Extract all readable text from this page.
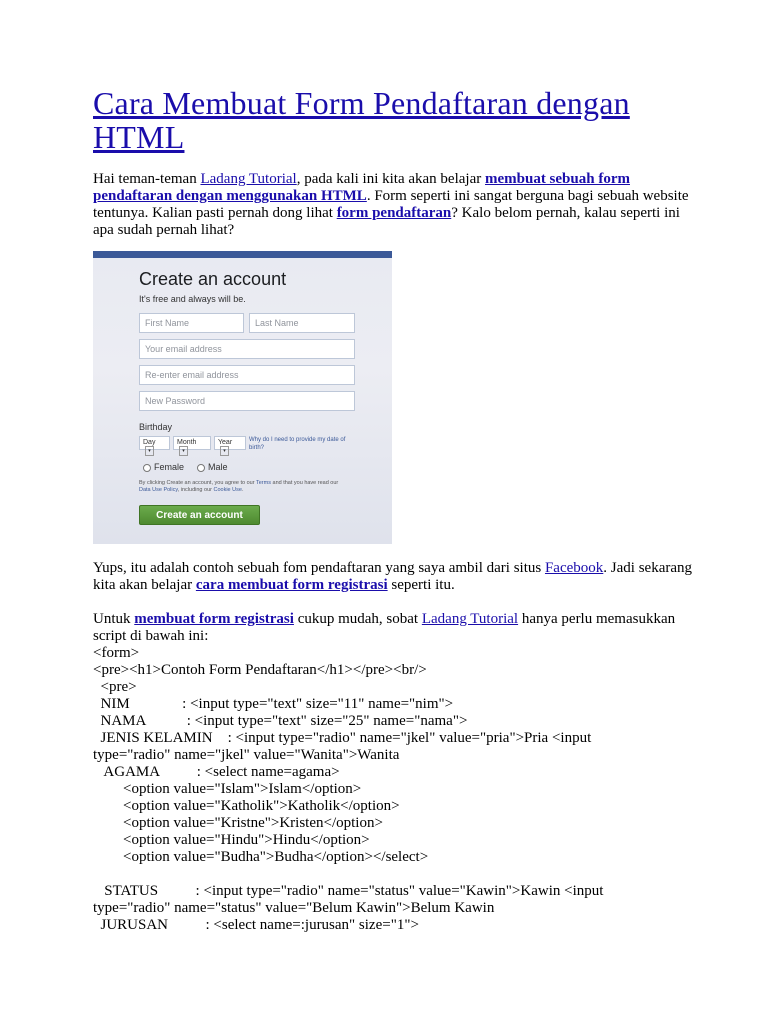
Cara Membuat Form Pendaftaran dengan HTML

Hai teman-teman Ladang Tutorial, pada kali ini kita akan belajar membuat sebuah form pendaftaran dengan menggunakan HTML. Form seperti ini sangat berguna bagi sebuah website tentunya. Kalian pasti pernah dong lihat form pendaftaran? Kalo belom pernah, kalau seperti ini apa sudah pernah lihat?

Create an account
It's free and always will be.
First Name	Last Name
Your email address
Re-enter email address
New Password
Birthday
Day▾
Month▾
Year▾
Why do I need to provide my date of birth?
Female	Male
By clicking Create an account, you agree to our Terms and that you have read our Data Use Policy, including our Cookie Use.
Create an account

Yups, itu adalah contoh sebuah fom pendaftaran yang saya ambil dari situs Facebook. Jadi sekarang kita akan belajar cara membuat form registrasi seperti itu.

Untuk membuat form registrasi cukup mudah, sobat Ladang Tutorial hanya perlu memasukkan script di bawah ini:

<form>
<pre><h1>Contoh Form Pendaftaran</h1></pre><br/>
<pre>
NIM              : <input type="text" size="11" name="nim">
NAMA           : <input type="text" size="25" name="nama">
JENIS KELAMIN    : <input type="radio" name="jkel" value="pria">Pria <input
type="radio" name="jkel" value="Wanita">Wanita
AGAMA          : <select name=agama>
<option value="Islam">Islam</option>
<option value="Katholik">Katholik</option>
<option value="Kristne">Kristen</option>
<option value="Hindu">Hindu</option>
<option value="Budha">Budha</option></select>

STATUS          : <input type="radio" name="status" value="Kawin">Kawin <input
type="radio" name="status" value="Belum Kawin">Belum Kawin
JURUSAN          : <select name=:jurusan" size="1">
